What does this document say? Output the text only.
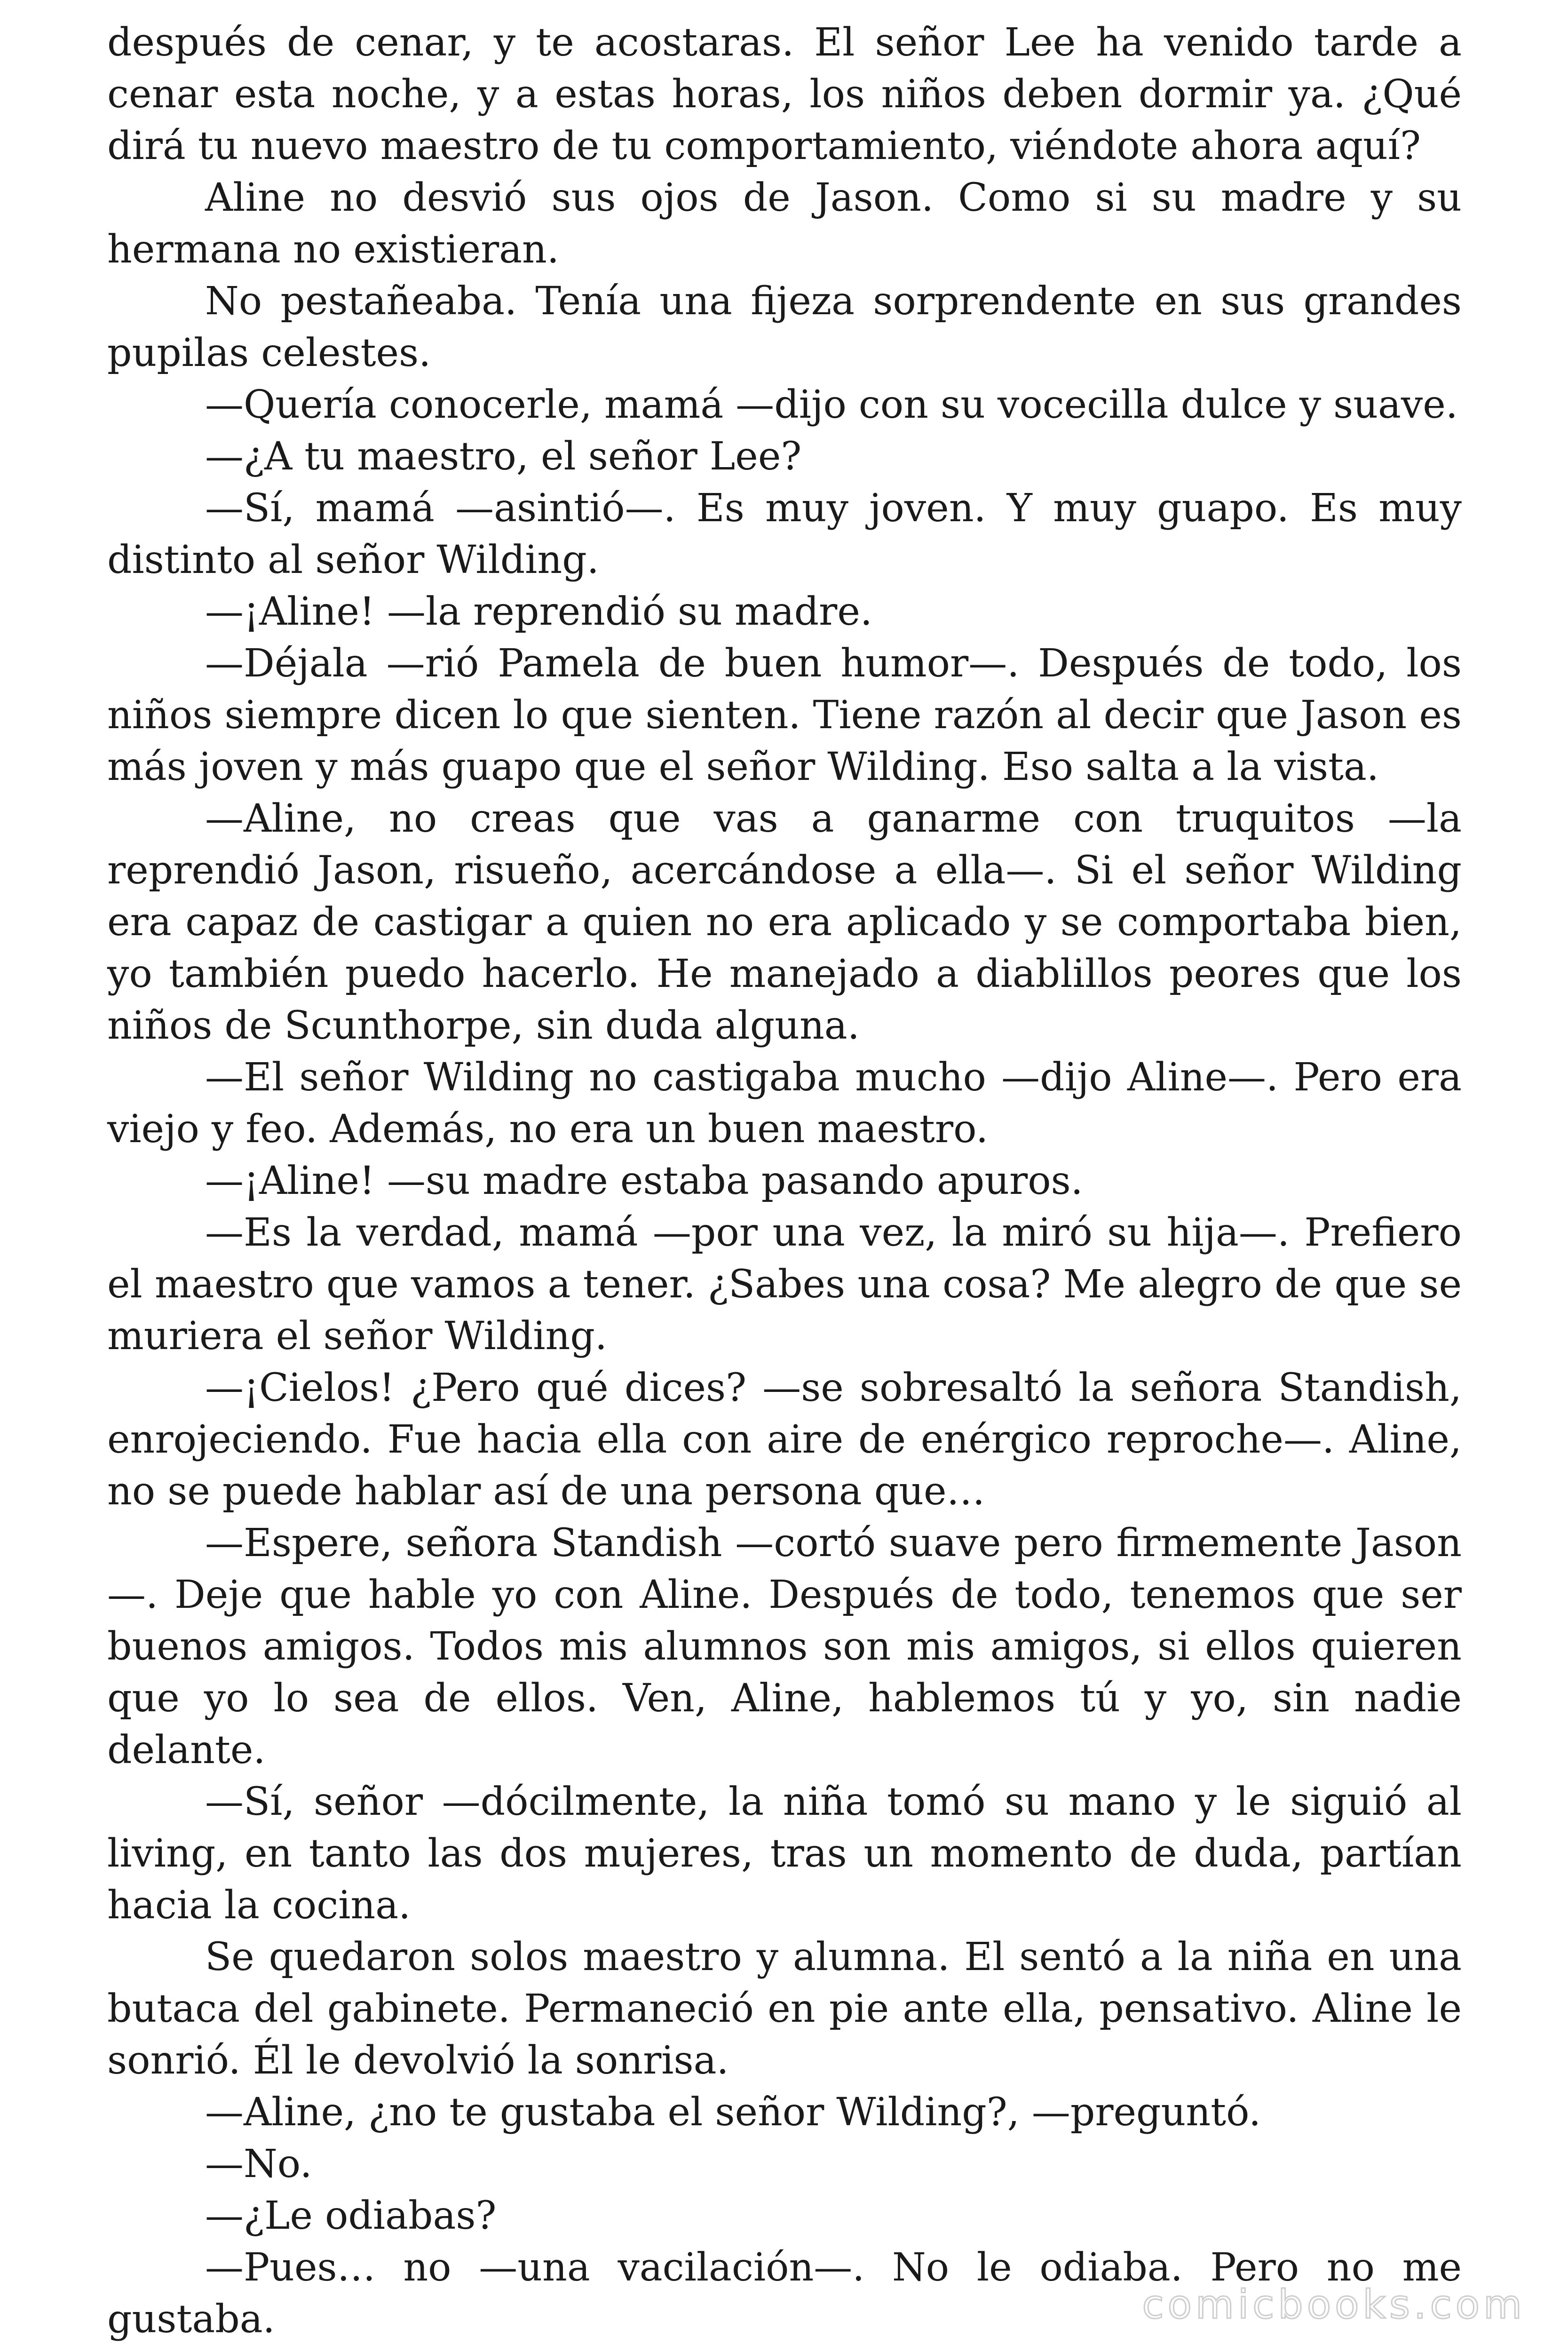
después de cenar, y te acostaras. El señor Lee ha venido tarde a cenar esta noche, y a estas horas, los niños deben dormir ya. ¿Qué dirá tu nuevo maestro de tu comportamiento, viéndote ahora aquí?

Aline no desvió sus ojos de Jason. Como si su madre y su hermana no existieran.

No pestañeaba. Tenía una fijeza sorprendente en sus grandes pupilas celestes.

—Quería conocerle, mamá —dijo con su vocecilla dulce y suave.

—¿A tu maestro, el señor Lee?

—Sí, mamá —asintió—. Es muy joven. Y muy guapo. Es muy distinto al señor Wilding.

—¡Aline! —la reprendió su madre.

—Déjala —rió Pamela de buen humor—. Después de todo, los niños siempre dicen lo que sienten. Tiene razón al decir que Jason es más joven y más guapo que el señor Wilding. Eso salta a la vista.

—Aline, no creas que vas a ganarme con truquitos —la reprendió Jason, risueño, acercándose a ella—. Si el señor Wilding era capaz de castigar a quien no era aplicado y se comportaba bien, yo también puedo hacerlo. He manejado a diablillos peores que los niños de Scunthorpe, sin duda alguna.

—El señor Wilding no castigaba mucho —dijo Aline—. Pero era viejo y feo. Además, no era un buen maestro.

—¡Aline! —su madre estaba pasando apuros.

—Es la verdad, mamá —por una vez, la miró su hija—. Prefiero el maestro que vamos a tener. ¿Sabes una cosa? Me alegro de que se muriera el señor Wilding.

—¡Cielos! ¿Pero qué dices? —se sobresaltó la señora Standish, enrojeciendo. Fue hacia ella con aire de enérgico reproche—. Aline, no se puede hablar así de una persona que…

—Espere, señora Standish —cortó suave pero firmemente Jason —. Deje que hable yo con Aline. Después de todo, tenemos que ser buenos amigos. Todos mis alumnos son mis amigos, si ellos quieren que yo lo sea de ellos. Ven, Aline, hablemos tú y yo, sin nadie delante.

—Sí, señor —dócilmente, la niña tomó su mano y le siguió al living, en tanto las dos mujeres, tras un momento de duda, partían hacia la cocina.

Se quedaron solos maestro y alumna. El sentó a la niña en una butaca del gabinete. Permaneció en pie ante ella, pensativo. Aline le sonrió. Él le devolvió la sonrisa.

—Aline, ¿no te gustaba el señor Wilding?, —preguntó.

—No.

—¿Le odiabas?

—Pues… no —una vacilación—. No le odiaba. Pero no me gustaba.	comicbooks.com
